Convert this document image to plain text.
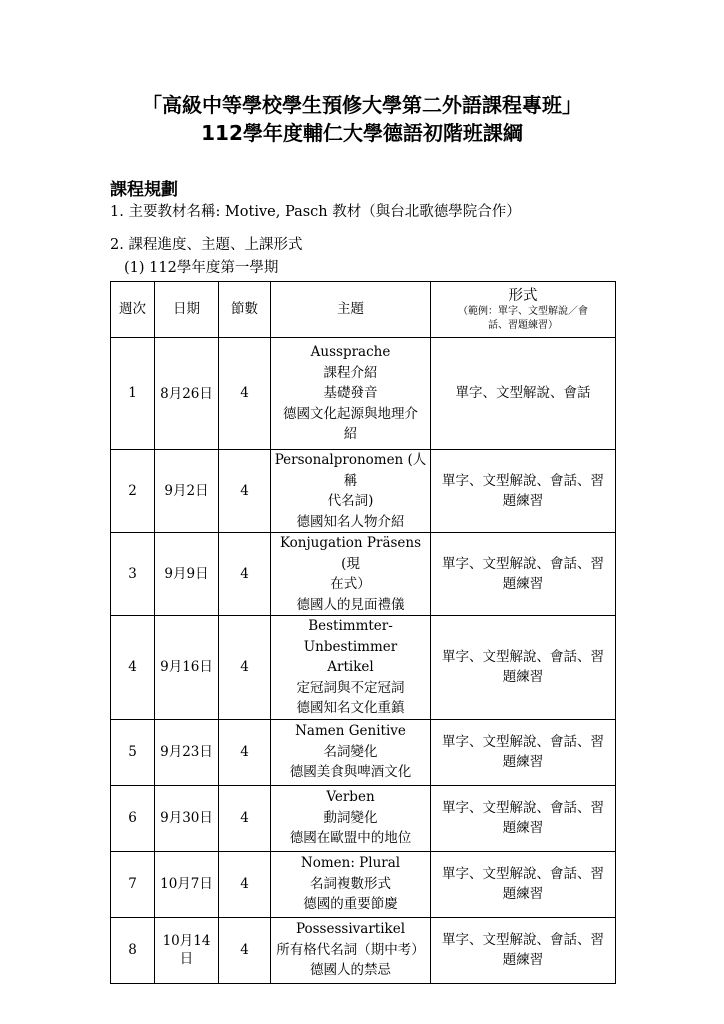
「高級中等學校學生預修大學第二外語課程專班」
112學年度輔仁大學德語初階班課綱
課程規劃
1. 主要教材名稱: Motive, Pasch 教材（與台北歌德學院合作）
2. 課程進度、主題、上課形式
(1) 112學年度第一學期
週次	日期	節數	主題	形式
（範例：單字、文型解說／會
話、習題練習）

1	8月26日	4	Aussprache
課程介紹
基礎發音
德國文化起源與地理介
紹	單字、文型解說、會話

2	9月2日	4	Personalpronomen (人稱
代名詞)
德國知名人物介紹	單字、文型解說、會話、習
題練習

3	9月9日	4	Konjugation Präsens (現
在式）
德國人的見面禮儀	單字、文型解說、會話、習
題練習

4	9月16日	4	Bestimmter- Unbestimmer
Artikel
定冠詞與不定冠詞
德國知名文化重鎮	單字、文型解說、會話、習
題練習

5	9月23日	4	Namen Genitive
名詞變化
德國美食與啤酒文化	單字、文型解說、會話、習
題練習

6	9月30日	4	Verben
動詞變化
德國在歐盟中的地位	單字、文型解說、會話、習
題練習

7	10月7日	4	Nomen: Plural
名詞複數形式
德國的重要節慶	單字、文型解說、會話、習
題練習

8	10月14
日	4	Possessivartikel
所有格代名詞（期中考）
德國人的禁忌	單字、文型解說、會話、習
題練習
